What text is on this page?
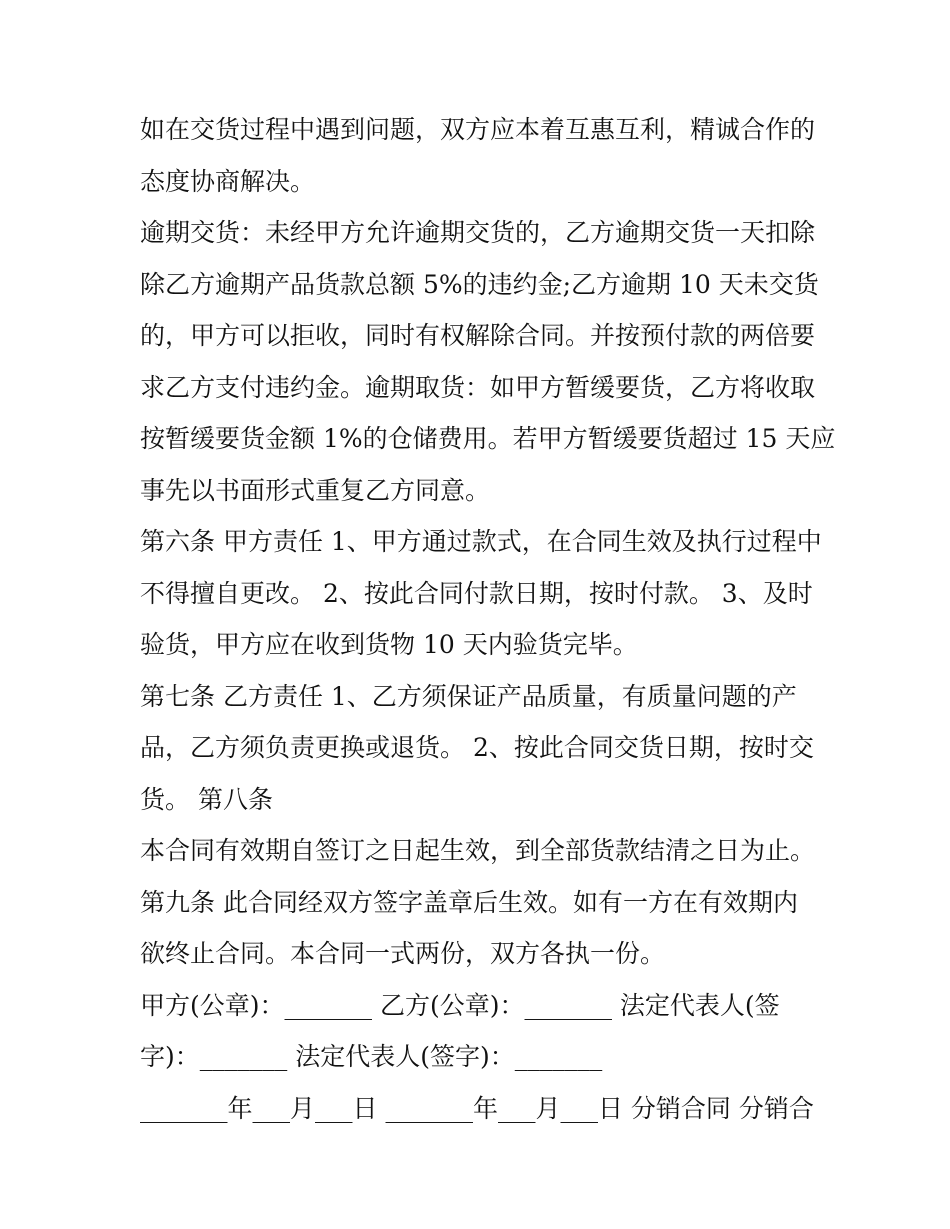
如在交货过程中遇到问题，双方应本着互惠互利，精诚合作的
态度协商解决。
逾期交货：未经甲方允许逾期交货的，乙方逾期交货一天扣除
除乙方逾期产品货款总额 5%的违约金;乙方逾期 10 天未交货
的，甲方可以拒收，同时有权解除合同。并按预付款的两倍要
求乙方支付违约金。逾期取货：如甲方暂缓要货，乙方将收取
按暂缓要货金额 1%的仓储费用。若甲方暂缓要货超过 15 天应
事先以书面形式重复乙方同意。
第六条 甲方责任 1、甲方通过款式，在合同生效及执行过程中
不得擅自更改。 2、按此合同付款日期，按时付款。 3、及时
验货，甲方应在收到货物 10 天内验货完毕。
第七条 乙方责任 1、乙方须保证产品质量，有质量问题的产
品，乙方须负责更换或退货。 2、按此合同交货日期，按时交
货。 第八条
本合同有效期自签订之日起生效，到全部货款结清之日为止。
第九条 此合同经双方签字盖章后生效。如有一方在有效期内
欲终止合同。本合同一式两份，双方各执一份。
甲方(公章)：_______ 乙方(公章)：_______ 法定代表人(签
字)：_______ 法定代表人(签字)：_______
_______年___月___日 _______年___月___日 分销合同 分销合
